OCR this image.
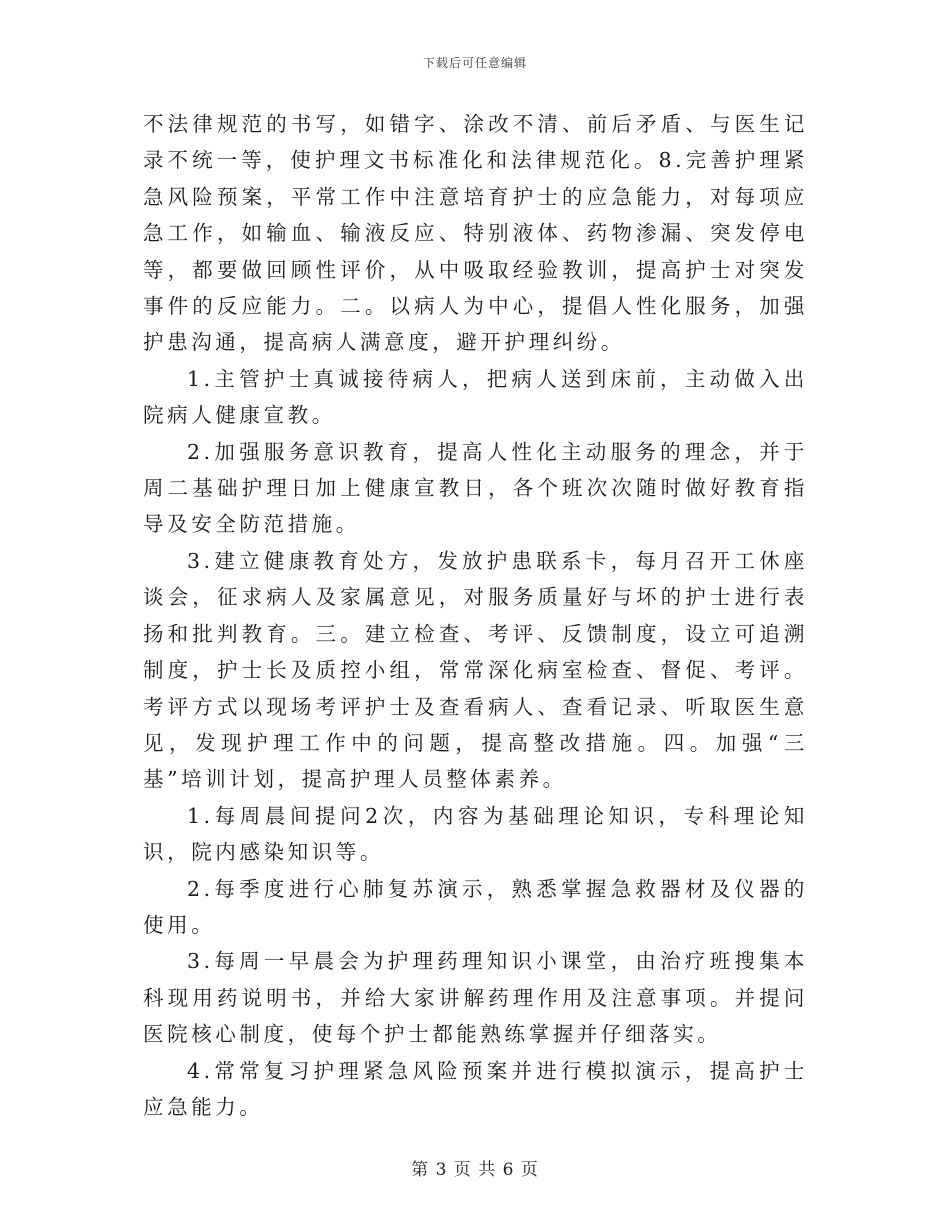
下载后可任意编辑

不法律规范的书写，如错字、涂改不清、前后矛盾、与医生记录不统一等，使护理文书标准化和法律规范化。8.完善护理紧急风险预案，平常工作中注意培育护士的应急能力，对每项应急工作，如输血、输液反应、特别液体、药物渗漏、突发停电等，都要做回顾性评价，从中吸取经验教训，提高护士对突发事件的反应能力。二。以病人为中心，提倡人性化服务，加强护患沟通，提高病人满意度，避开护理纠纷。

1.主管护士真诚接待病人，把病人送到床前，主动做入出院病人健康宣教。

2.加强服务意识教育，提高人性化主动服务的理念，并于周二基础护理日加上健康宣教日，各个班次次随时做好教育指导及安全防范措施。

3.建立健康教育处方，发放护患联系卡，每月召开工休座谈会，征求病人及家属意见，对服务质量好与坏的护士进行表扬和批判教育。三。建立检查、考评、反馈制度，设立可追溯制度，护士长及质控小组，常常深化病室检查、督促、考评。考评方式以现场考评护士及查看病人、查看记录、听取医生意见，发现护理工作中的问题，提高整改措施。四。加强“三基”培训计划，提高护理人员整体素养。

1.每周晨间提问2次，内容为基础理论知识，专科理论知识，院内感染知识等。

2.每季度进行心肺复苏演示，熟悉掌握急救器材及仪器的使用。

3.每周一早晨会为护理药理知识小课堂，由治疗班搜集本科现用药说明书，并给大家讲解药理作用及注意事项。并提问医院核心制度，使每个护士都能熟练掌握并仔细落实。

4.常常复习护理紧急风险预案并进行模拟演示，提高护士应急能力。

第 3 页 共 6 页
